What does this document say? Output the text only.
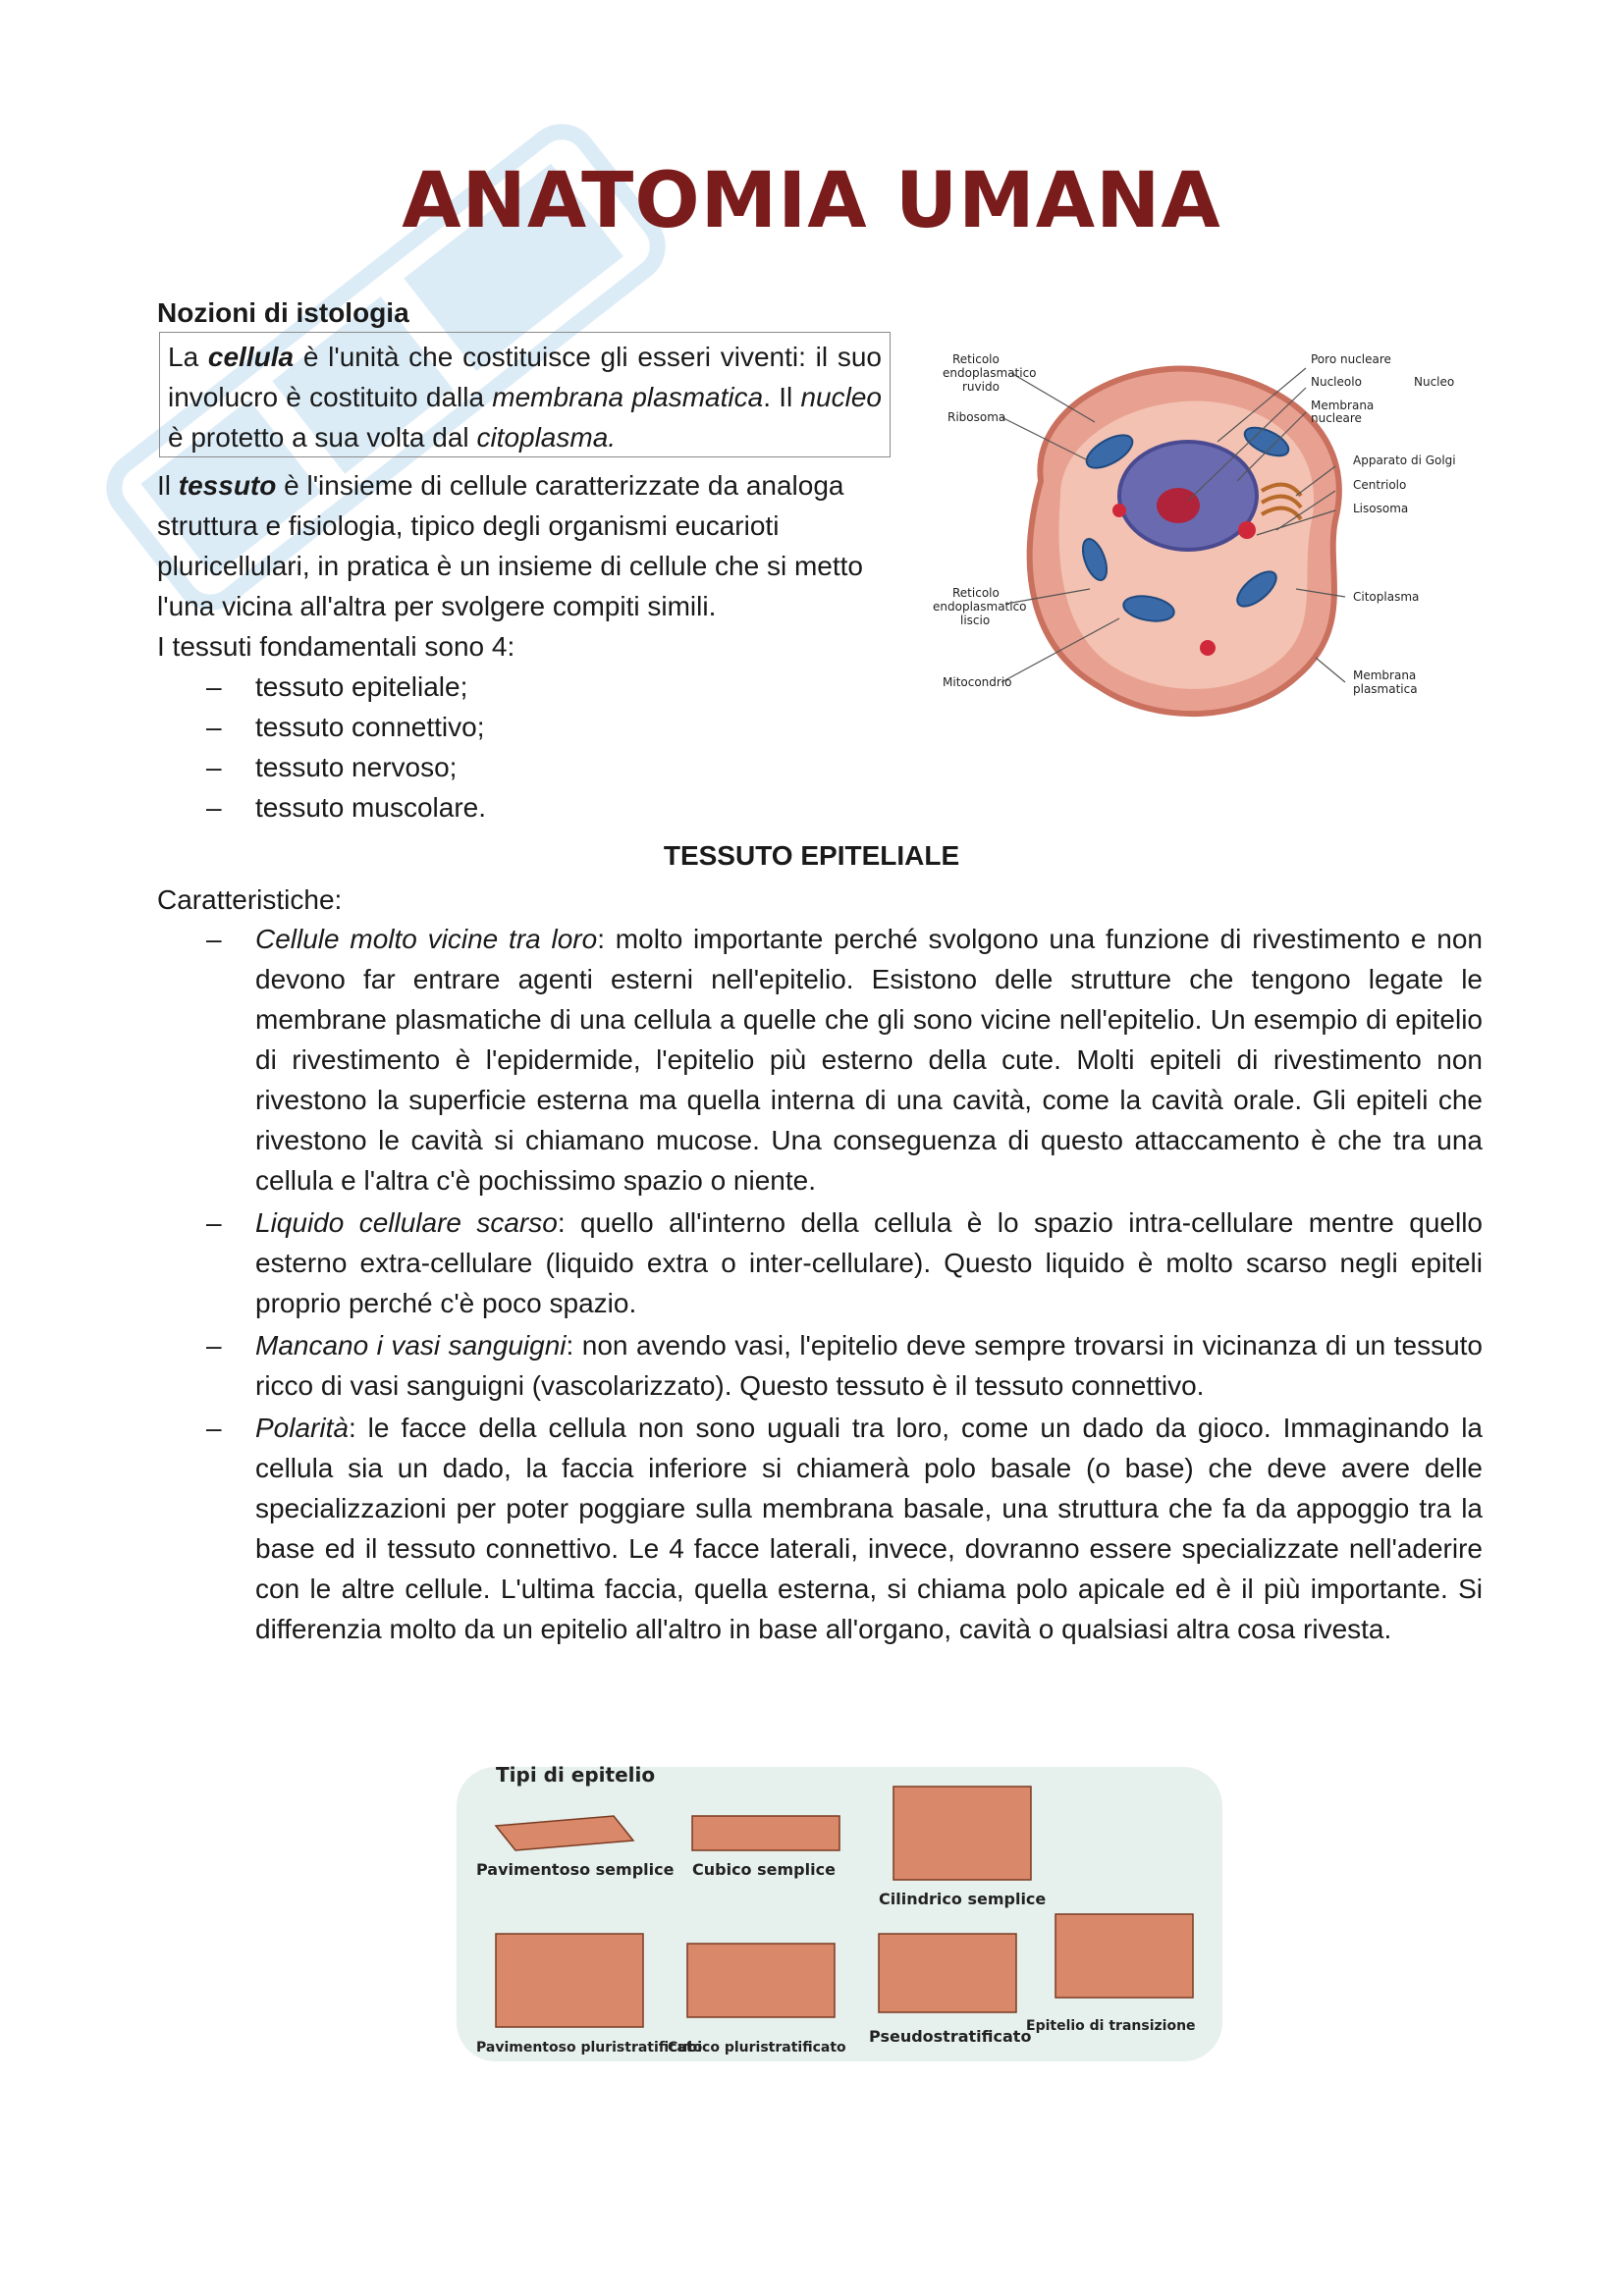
ANATOMIA UMANA
Nozioni di istologia

La cellula è l'unità che costituisce gli esseri viventi: il suo involucro è costituito dalla membrana plasmatica. Il nucleo è protetto a sua volta dal citoplasma.

Il tessuto è l'insieme di cellule caratterizzate da analoga struttura e fisiologia, tipico degli organismi eucarioti pluricellulari, in pratica è un insieme di cellule che si metto l'una vicina all'altra per svolgere compiti simili.

I tessuti fondamentali sono 4:

– tessuto epiteliale;
– tessuto connettivo;
– tessuto nervoso;
– tessuto muscolare.
Reticolo
endoplasmatico
ruvido
Ribosoma
Poro nucleare
Nucleolo
Membrana
nucleare
Nucleo
Apparato di Golgi
Centriolo
Lisosoma
Reticolo
endoplasmatico
liscio
Citoplasma
Mitocondrio	Membrana
plasmatica
TESSUTO EPITELIALE
Caratteristiche:
– Cellule molto vicine tra loro: molto importante perché svolgono una funzione di rivestimento e non devono far entrare agenti esterni nell'epitelio. Esistono delle strutture che tengono legate le membrane plasmatiche di una cellula a quelle che gli sono vicine nell'epitelio. Un esempio di epitelio di rivestimento è l'epidermide, l'epitelio più esterno della cute. Molti epiteli di rivestimento non rivestono la superficie esterna ma quella interna di una cavità, come la cavità orale. Gli epiteli che rivestono le cavità si chiamano mucose. Una conseguenza di questo attaccamento è che tra una cellula e l'altra c'è pochissimo spazio o niente.
– Liquido cellulare scarso: quello all'interno della cellula è lo spazio intra-cellulare mentre quello esterno extra-cellulare (liquido extra o inter-cellulare). Questo liquido è molto scarso negli epiteli proprio perché c'è poco spazio.
– Mancano i vasi sanguigni: non avendo vasi, l'epitelio deve sempre trovarsi in vicinanza di un tessuto ricco di vasi sanguigni (vascolarizzato). Questo tessuto è il tessuto connettivo.
– Polarità: le facce della cellula non sono uguali tra loro, come un dado da gioco. Immaginando la cellula sia un dado, la faccia inferiore si chiamerà polo basale (o base) che deve avere delle specializzazioni per poter poggiare sulla membrana basale, una struttura che fa da appoggio tra la base ed il tessuto connettivo. Le 4 facce laterali, invece, dovranno essere specializzate nell'aderire con le altre cellule. L'ultima faccia, quella esterna, si chiama polo apicale ed è il più importante. Si differenzia molto da un epitelio all'altro in base all'organo, cavità o qualsiasi altra cosa rivesta.
Tipi di epitelio
Pavimentoso semplice Cubico semplice
Cilindrico semplice
Pavimentoso pluristratificato
Cubico pluristratificato
Pseudostratificato
Epitelio di transizione
